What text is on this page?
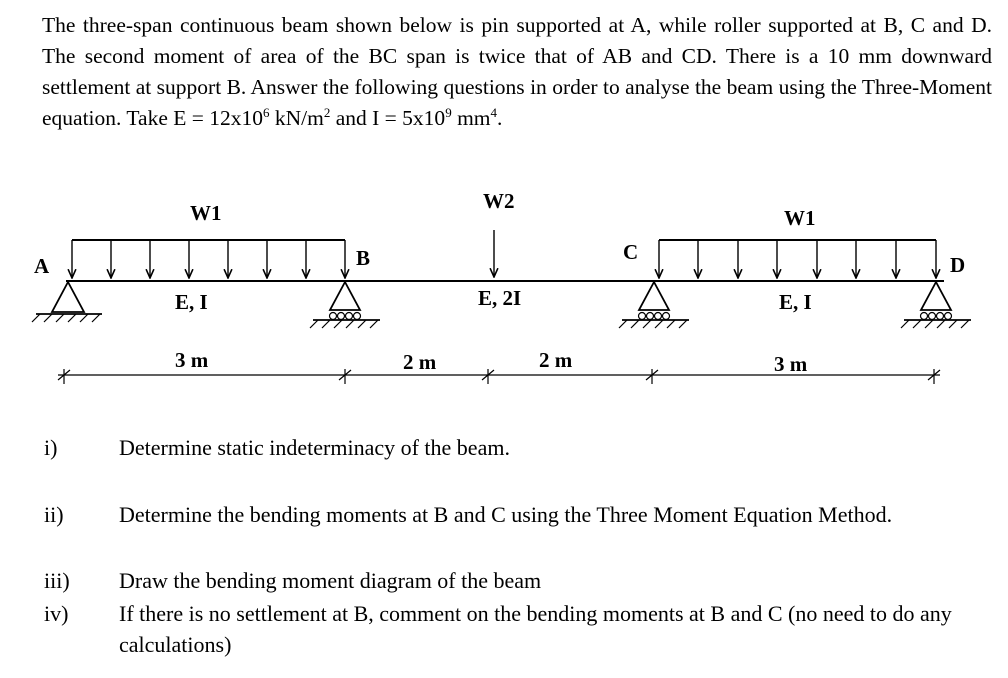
The three-span continuous beam shown below is pin supported at A, while roller supported at B, C and D. The second moment of area of the BC span is twice that of AB and CD. There is a 10 mm downward settlement at support B. Answer the following questions in order to analyse the beam using the Three-Moment equation. Take $E = 12x10^6$ $kN/m^2$ and $I = 5x10^9$ $mm^4$.
A	B	C
D
W1	W2
W1
E, I	E, 2I	E, I
3 m	2 m	2 m	3 m
i)	Determine static indeterminacy of the beam.
ii)	Determine the bending moments at B and C using the Three Moment Equation Method.
iii) Draw the bending moment diagram of the beam
iv) If there is no settlement at B, comment on the bending moments at B and C (no need to do any calculations)
